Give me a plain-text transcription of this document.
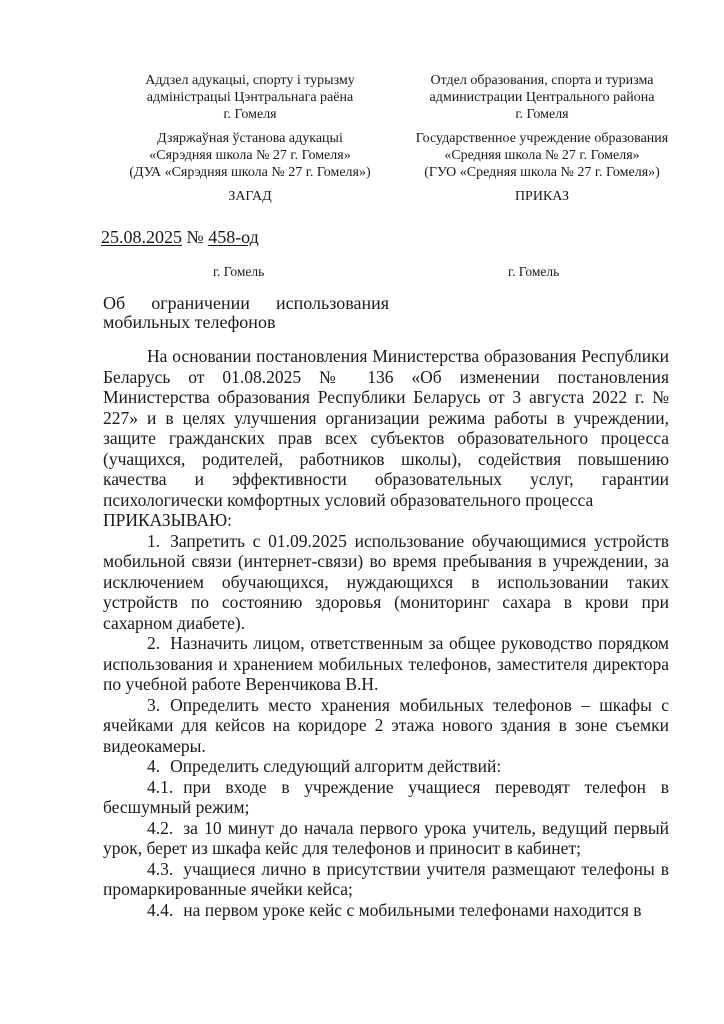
Аддзел адукацыі, спорту і турызму
адміністрацыі Цэнтральнага раёна
г. Гомеля
Дзяржаўная ўстанова адукацыі
«Сярэдняя школа № 27 г. Гомеля»
(ДУА «Сярэдняя школа № 27 г. Гомеля»)
ЗАГАД
Отдел образования, спорта и туризма
администрации Центрального района
г. Гомеля
Государственное учреждение образования
«Средняя школа № 27 г. Гомеля»
(ГУО «Средняя школа № 27 г. Гомеля»)
ПРИКАЗ
25.08.2025 № 458-од
г. Гомель	г. Гомель
Об ограничении использования
мобильных телефонов

На основании постановления Министерства образования Республики Беларусь от 01.08.2025 № 136 «Об изменении постановления Министерства образования Республики Беларусь от 3 августа 2022 г. № 227» и в целях улучшения организации режима работы в учреждении, защите гражданских прав всех субъектов образовательного процесса (учащихся, родителей, работников школы), содействия повышению качества и эффективности образовательных услуг, гарантии психологически комфортных условий образовательного процесса

ПРИКАЗЫВАЮ:

1. Запретить с 01.09.2025 использование обучающимися устройств мобильной связи (интернет-связи) во время пребывания в учреждении, за исключением обучающихся, нуждающихся в использовании таких устройств по состоянию здоровья (мониторинг сахара в крови при сахарном диабете).

2. Назначить лицом, ответственным за общее руководство порядком использования и хранением мобильных телефонов, заместителя директора по учебной работе Веренчикова В.Н.

3. Определить место хранения мобильных телефонов – шкафы с ячейками для кейсов на коридоре 2 этажа нового здания в зоне съемки видеокамеры.

4. Определить следующий алгоритм действий:

4.1. при входе в учреждение учащиеся переводят телефон в бесшумный режим;

4.2. за 10 минут до начала первого урока учитель, ведущий первый урок, берет из шкафа кейс для телефонов и приносит в кабинет;

4.3. учащиеся лично в присутствии учителя размещают телефоны в промаркированные ячейки кейса;

4.4. на первом уроке кейс с мобильными телефонами находится в
